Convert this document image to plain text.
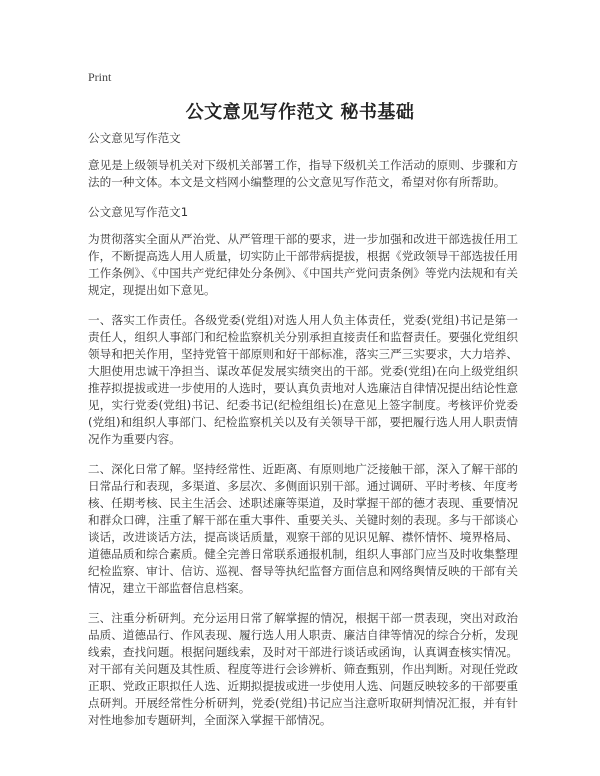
Print
公文意见写作范文 秘书基础

公文意见写作范文

意见是上级领导机关对下级机关部署工作，指导下级机关工作活动的原则、步骤和方法的一种文体。本文是文档网小编整理的公文意见写作范文，希望对你有所帮助。

公文意见写作范文1

为贯彻落实全面从严治党、从严管理干部的要求，进一步加强和改进干部选拔任用工作，不断提高选人用人质量，切实防止干部带病提拔，根据《党政领导干部选拔任用工作条例》、《中国共产党纪律处分条例》、《中国共产党问责条例》等党内法规和有关规定，现提出如下意见。

一、落实工作责任。各级党委(党组)对选人用人负主体责任，党委(党组)书记是第一责任人，组织人事部门和纪检监察机关分别承担直接责任和监督责任。要强化党组织领导和把关作用，坚持党管干部原则和好干部标准，落实三严三实要求，大力培养、大胆使用忠诚干净担当、谋改革促发展实绩突出的干部。党委(党组)在向上级党组织推荐拟提拔或进一步使用的人选时，要认真负责地对人选廉洁自律情况提出结论性意见，实行党委(党组)书记、纪委书记(纪检组组长)在意见上签字制度。考核评价党委(党组)和组织人事部门、纪检监察机关以及有关领导干部，要把履行选人用人职责情况作为重要内容。

二、深化日常了解。坚持经常性、近距离、有原则地广泛接触干部，深入了解干部的日常品行和表现，多渠道、多层次、多侧面识别干部。通过调研、平时考核、年度考核、任期考核、民主生活会、述职述廉等渠道，及时掌握干部的德才表现、重要情况和群众口碑，注重了解干部在重大事件、重要关头、关键时刻的表现。多与干部谈心谈话，改进谈话方法，提高谈话质量，观察干部的见识见解、襟怀情怀、境界格局、道德品质和综合素质。健全完善日常联系通报机制，组织人事部门应当及时收集整理纪检监察、审计、信访、巡视、督导等执纪监督方面信息和网络舆情反映的干部有关情况，建立干部监督信息档案。

三、注重分析研判。充分运用日常了解掌握的情况，根据干部一贯表现，突出对政治品质、道德品行、作风表现、履行选人用人职责、廉洁自律等情况的综合分析，发现线索，查找问题。根据问题线索，及时对干部进行谈话或函询，认真调查核实情况。对干部有关问题及其性质、程度等进行会诊辨析、筛查甄别，作出判断。对现任党政正职、党政正职拟任人选、近期拟提拔或进一步使用人选、问题反映较多的干部要重点研判。开展经常性分析研判，党委(党组)书记应当注意听取研判情况汇报，并有针对性地参加专题研判，全面深入掌握干部情况。
